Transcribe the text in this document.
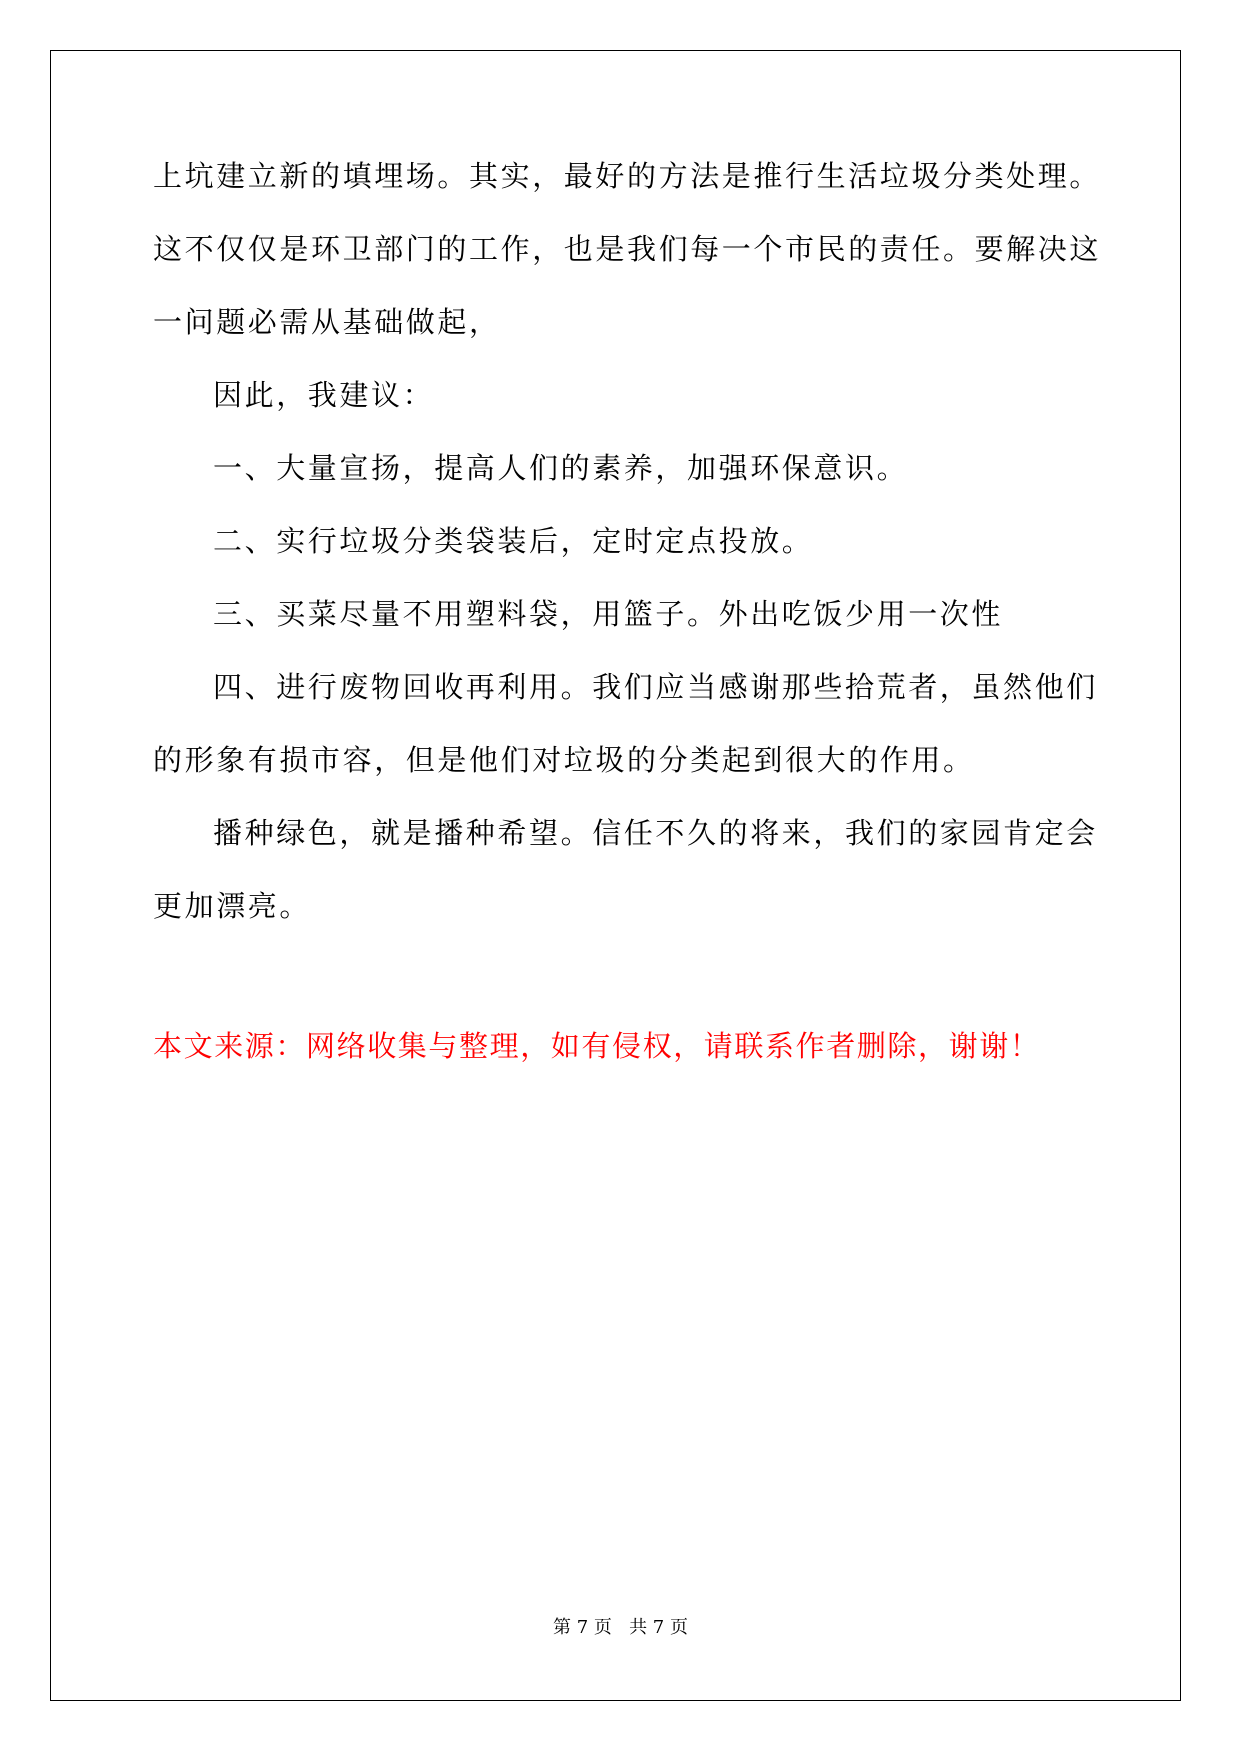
上坑建立新的填埋场。其实，最好的方法是推行生活垃圾分类处理。
这不仅仅是环卫部门的工作，也是我们每一个市民的责任。要解决这
一问题必需从基础做起，
因此，我建议：
一、大量宣扬，提高人们的素养，加强环保意识。
二、实行垃圾分类袋装后，定时定点投放。
三、买菜尽量不用塑料袋，用篮子。外出吃饭少用一次性
四、进行废物回收再利用。我们应当感谢那些拾荒者，虽然他们
的形象有损市容，但是他们对垃圾的分类起到很大的作用。
播种绿色，就是播种希望。信任不久的将来，我们的家园肯定会
更加漂亮。
本文来源：网络收集与整理，如有侵权，请联系作者删除，谢谢！
第 7 页   共 7 页
